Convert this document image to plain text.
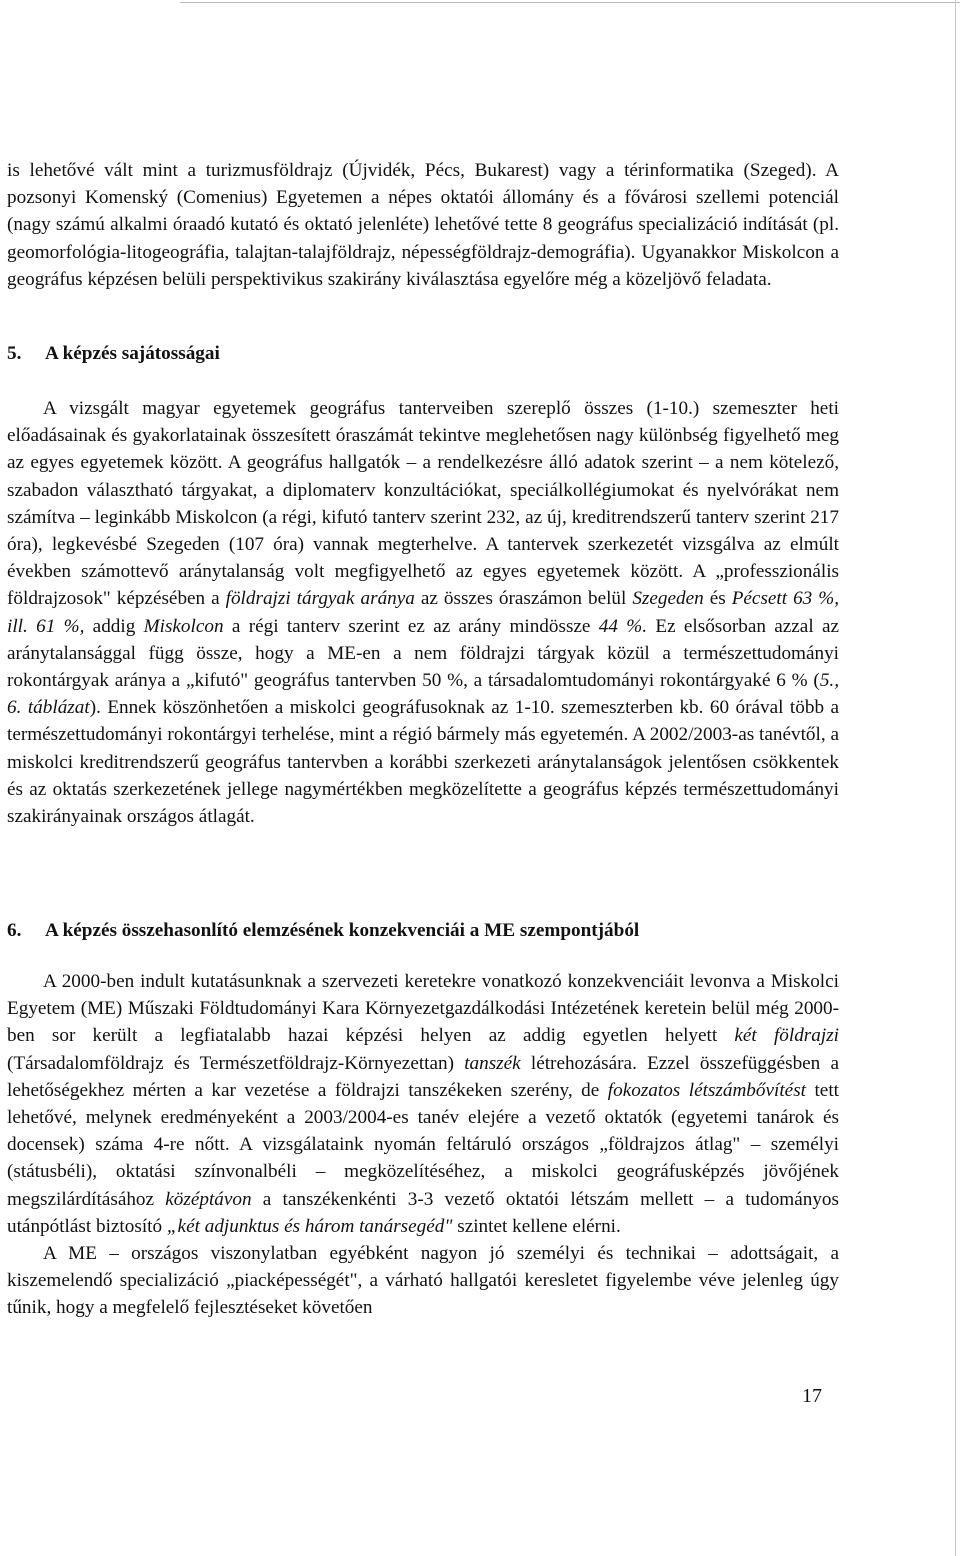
is lehetővé vált mint a turizmusföldrajz (Újvidék, Pécs, Bukarest) vagy a térinformatika (Szeged). A pozsonyi Komenský (Comenius) Egyetemen a népes oktatói állomány és a fővárosi szellemi potenciál (nagy számú alkalmi óraadó kutató és oktató jelenléte) lehetővé tette 8 geográfus specializáció indítását (pl. geomorfológia-litogeográfia, talajtan-talajföldrajz, népességföldrajz-demográfia). Ugyanakkor Miskolcon a geográfus képzésen belüli perspektivikus szakirány kiválasztása egyelőre még a közeljövő feladata.

5. A képzés sajátosságai

A vizsgált magyar egyetemek geográfus tanterveiben szereplő összes (1-10.) szemeszter heti előadásainak és gyakorlatainak összesített óraszámát tekintve meglehetősen nagy különbség figyelhető meg az egyes egyetemek között. A geográfus hallgatók – a rendelkezésre álló adatok szerint – a nem kötelező, szabadon választható tárgyakat, a diplomaterv konzultációkat, speciálkollégiumokat és nyelvórákat nem számítva – leginkább Miskolcon (a régi, kifutó tanterv szerint 232, az új, kreditrendszerű tanterv szerint 217 óra), legkevésbé Szegeden (107 óra) vannak megterhelve. A tantervek szerkezetét vizsgálva az elmúlt években számottevő aránytalanság volt megfigyelhető az egyes egyetemek között. A „professzionális földrajzosok" képzésében a földrajzi tárgyak aránya az összes óraszámon belül Szegeden és Pécsett 63 %, ill. 61 %, addig Miskolcon a régi tanterv szerint ez az arány mindössze 44 %. Ez elsősorban azzal az aránytalansággal függ össze, hogy a ME-en a nem földrajzi tárgyak közül a természettudományi rokontárgyak aránya a „kifutó" geográfus tantervben 50 %, a társadalomtudományi rokontárgyaké 6 % (5., 6. táblázat). Ennek köszönhetően a miskolci geográfusoknak az 1-10. szemeszterben kb. 60 órával több a természettudományi rokontárgyi terhelése, mint a régió bármely más egyetemén. A 2002/2003-as tanévtől, a miskolci kreditrendszerű geográfus tantervben a korábbi szerkezeti aránytalanságok jelentősen csökkentek és az oktatás szerkezetének jellege nagymértékben megközelítette a geográfus képzés természettudományi szakirányainak országos átlagát.

6. A képzés összehasonlító elemzésének konzekvenciái a ME szempontjából

A 2000-ben indult kutatásunknak a szervezeti keretekre vonatkozó konzekvenciáit levonva a Miskolci Egyetem (ME) Műszaki Földtudományi Kara Környezetgazdálkodási Intézetének keretein belül még 2000-ben sor került a legfiatalabb hazai képzési helyen az addig egyetlen helyett két földrajzi (Társadalomföldrajz és Természetföldrajz-Környezettan) tanszék létrehozására. Ezzel összefüggésben a lehetőségekhez mérten a kar vezetése a földrajzi tanszékeken szerény, de fokozatos létszámbővítést tett lehetővé, melynek eredményeként a 2003/2004-es tanév elejére a vezető oktatók (egyetemi tanárok és docensek) száma 4-re nőtt. A vizsgálataink nyomán feltáruló országos „földrajzos átlag" – személyi (státusbéli), oktatási színvonalbéli – megközelítéséhez, a miskolci geográfusképzés jövőjének megszilárdításához középtávon a tanszékenkénti 3-3 vezető oktatói létszám mellett – a tudományos utánpótlást biztosító „két adjunktus és három tanársegéd" szintet kellene elérni.

A ME – országos viszonylatban egyébként nagyon jó személyi és technikai – adottságait, a kiszemelendő specializáció „piacképességét", a várható hallgatói keresletet figyelembe véve jelenleg úgy tűnik, hogy a megfelelő fejlesztéseket követően

17
